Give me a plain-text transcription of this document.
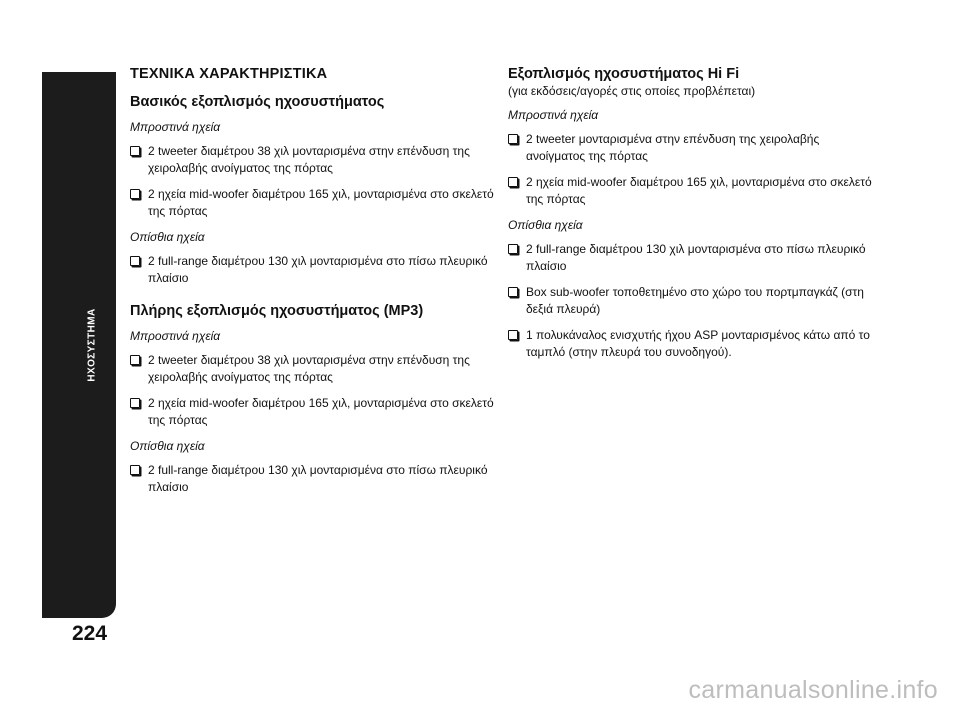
ΗΧΟΣΥΣΤΗΜΑ
224
ΤΕΧΝΙΚΑ ΧΑΡΑΚΤΗΡΙΣΤΙΚΑ
Βασικός εξοπλισμός ηχοσυστήματος

Μπροστινά ηχεία

2 tweeter διαμέτρου 38 χιλ μονταρισμένα στην επένδυση της χειρολαβής ανοίγματος της πόρτας

2 ηχεία mid-woofer διαμέτρου 165 χιλ, μονταρισμένα στο σκελετό της πόρτας

Οπίσθια ηχεία

2 full-range διαμέτρου 130 χιλ μονταρισμένα στο πίσω πλευρικό πλαίσιο

Πλήρης εξοπλισμός ηχοσυστήματος (MP3)

Μπροστινά ηχεία

2 tweeter διαμέτρου 38 χιλ μονταρισμένα στην επένδυση της χειρολαβής ανοίγματος της πόρτας

2 ηχεία mid-woofer διαμέτρου 165 χιλ, μονταρισμένα στο σκελετό της πόρτας

Οπίσθια ηχεία

2 full-range διαμέτρου 130 χιλ μονταρισμένα στο πίσω πλευρικό πλαίσιο

Εξοπλισμός ηχοσυστήματος Hi Fi

(για εκδόσεις/αγορές στις οποίες προβλέπεται)

Μπροστινά ηχεία

2 tweeter μονταρισμένα στην επένδυση της χειρολαβής ανοίγματος της πόρτας

2 ηχεία mid-woofer διαμέτρου 165 χιλ, μονταρισμένα στο σκελετό της πόρτας

Οπίσθια ηχεία

2 full-range διαμέτρου 130 χιλ μονταρισμένα στο πίσω πλευρικό πλαίσιο

Box sub-woofer τοποθετημένο στο χώρο του πορτμπαγκάζ (στη δεξιά πλευρά)

1 πολυκάναλος ενισχυτής ήχου ASP μονταρισμένος κάτω από το ταμπλό (στην πλευρά του συνοδηγού).

carmanualsonline.info
